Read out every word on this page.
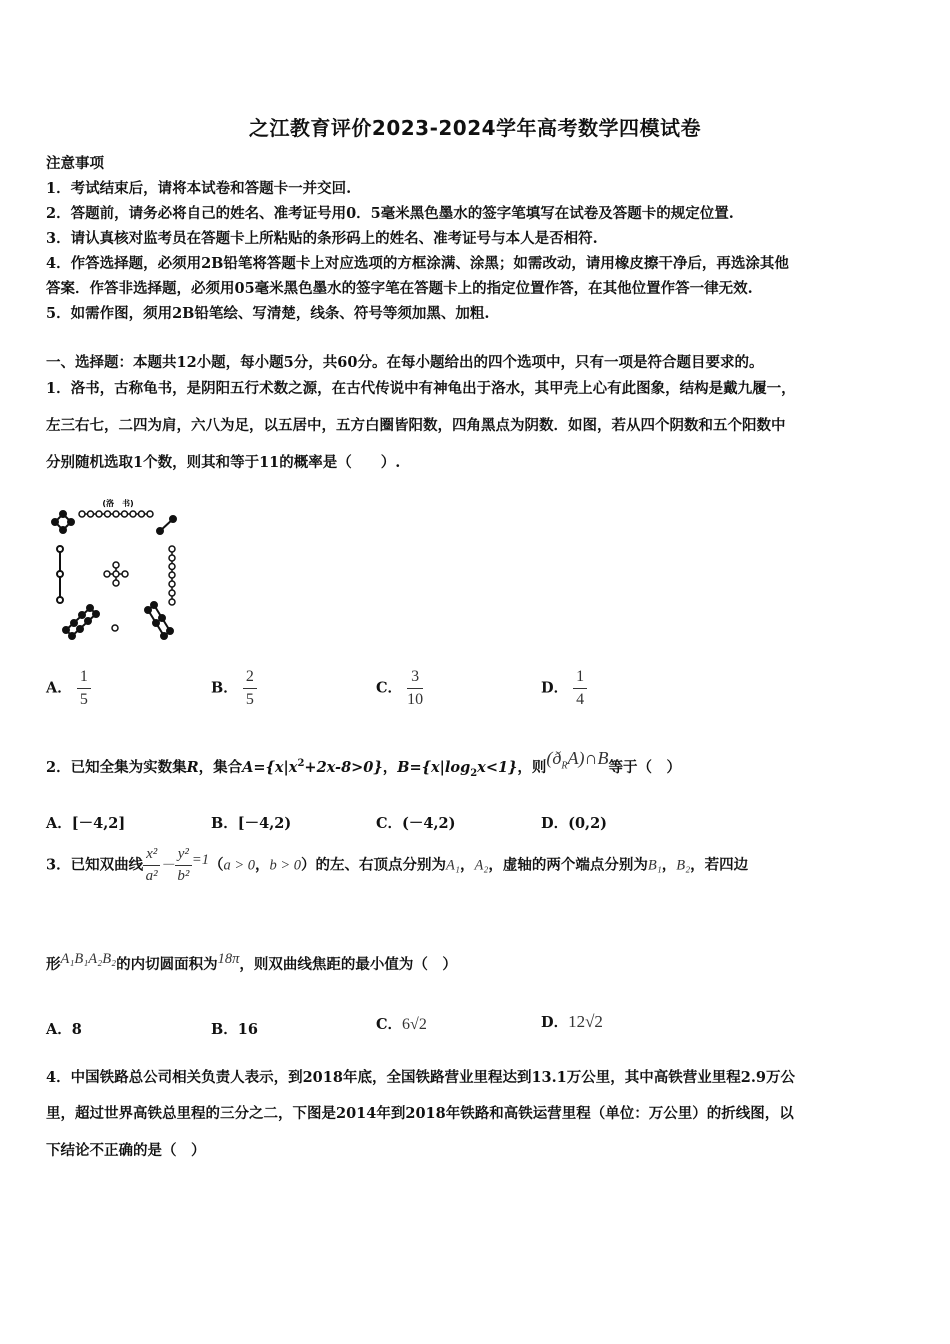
之江教育评价2023-2024学年高考数学四模试卷
注意事项
1．考试结束后，请将本试卷和答题卡一并交回.
2．答题前，请务必将自己的姓名、准考证号用0．5毫米黑色墨水的签字笔填写在试卷及答题卡的规定位置.
3．请认真核对监考员在答题卡上所粘贴的条形码上的姓名、准考证号与本人是否相符.
4．作答选择题，必须用2B铅笔将答题卡上对应选项的方框涂满、涂黑；如需改动，请用橡皮擦干净后，再选涂其他
答案．作答非选择题，必须用05毫米黑色墨水的签字笔在答题卡上的指定位置作答，在其他位置作答一律无效.
5．如需作图，须用2B铅笔绘、写清楚，线条、符号等须加黑、加粗.
一、选择题：本题共12小题，每小题5分，共60分。在每小题给出的四个选项中，只有一项是符合题目要求的。
1．洛书，古称龟书，是阴阳五行术数之源，在古代传说中有神龟出于洛水，其甲壳上心有此图象，结构是戴九履一，
左三右七，二四为肩，六八为足，以五居中，五方白圈皆阳数，四角黑点为阴数．如图，若从四个阴数和五个阳数中
分别随机选取1个数，则其和等于11的概率是（　　）.
(洛　书)
A． $\frac{1}{5}$	B． $\frac{2}{5}$	C． $\frac{3}{10}$	D． $\frac{1}{4}$
2．已知全集为实数集R，集合$A=\{x|x^2+2x-8>0\}$，$B=\{x|\log_2x<1\}$，则$(ð_RA)\cap B$等于（　）
A．[－4,2]	B．[－4,2)	C．(－4,2)	D．(0,2)
3．已知双曲线 $\frac{\text{x²}}{\text{a²}} - \frac{\text{y²}}{\text{b²}} =1(a > 0$，b > 0）的左、右顶点分别为A₁，A₂，虚轴的两个端点分别为B₁，B₂，若四边
形A₁B₁A₂B₂的内切圆面积为18π，则双曲线焦距的最小值为（　）
A．8	B．16	C．6√2	D．12√2
4．中国铁路总公司相关负责人表示，到2018年底，全国铁路营业里程达到13.1万公里，其中高铁营业里程2.9万公
里，超过世界高铁总里程的三分之二，下图是2014年到2018年铁路和高铁运营里程（单位：万公里）的折线图，以
下结论不正确的是（　）
